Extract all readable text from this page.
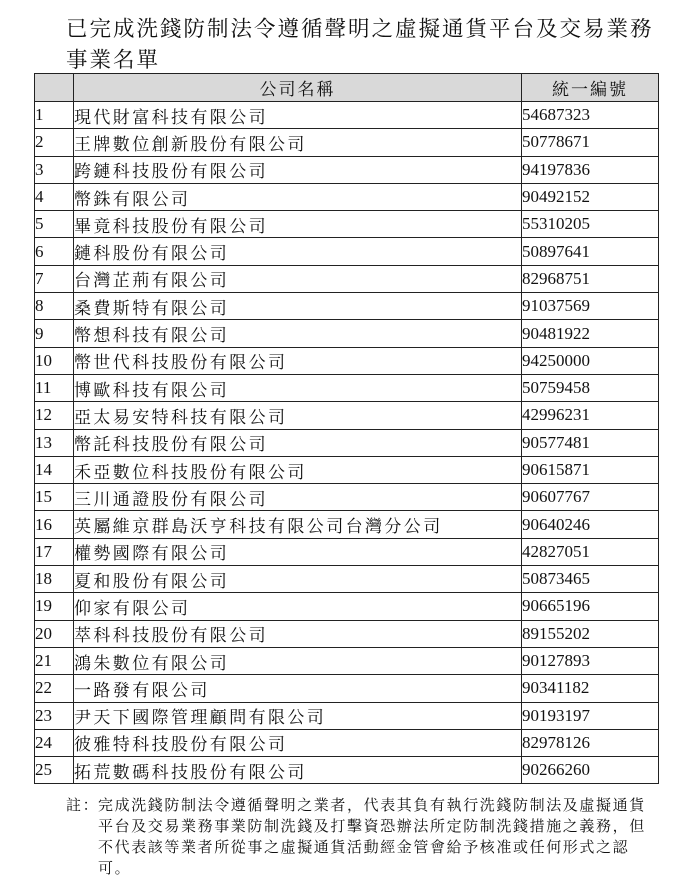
已完成洗錢防制法令遵循聲明之虛擬通貨平台及交易業務事業名單
	公司名稱	統一編號
1	現代財富科技有限公司	54687323
2	王牌數位創新股份有限公司	50778671
3	跨鏈科技股份有限公司	94197836
4	幣銖有限公司	90492152
5	畢竟科技股份有限公司	55310205
6	鏈科股份有限公司	50897641
7	台灣芷荊有限公司	82968751
8	桑費斯特有限公司	91037569
9	幣想科技有限公司	90481922
10	幣世代科技股份有限公司	94250000
11	博歐科技有限公司	50759458
12	亞太易安特科技有限公司	42996231
13	幣託科技股份有限公司	90577481
14	禾亞數位科技股份有限公司	90615871
15	三川通證股份有限公司	90607767
16	英屬維京群島沃亨科技有限公司台灣分公司	90640246
17	權勢國際有限公司	42827051
18	夏和股份有限公司	50873465
19	仰家有限公司	90665196
20	萃科科技股份有限公司	89155202
21	鴻朱數位有限公司	90127893
22	一路發有限公司	90341182
23	尹天下國際管理顧問有限公司	90193197
24	彼雅特科技股份有限公司	82978126
25	拓荒數碼科技股份有限公司	90266260
註：
完成洗錢防制法令遵循聲明之業者，代表其負有執行洗錢防制法及虛擬通貨平台及交易業務事業防制洗錢及打擊資恐辦法所定防制洗錢措施之義務，但不代表該等業者所從事之虛擬通貨活動經金管會給予核准或任何形式之認可。
